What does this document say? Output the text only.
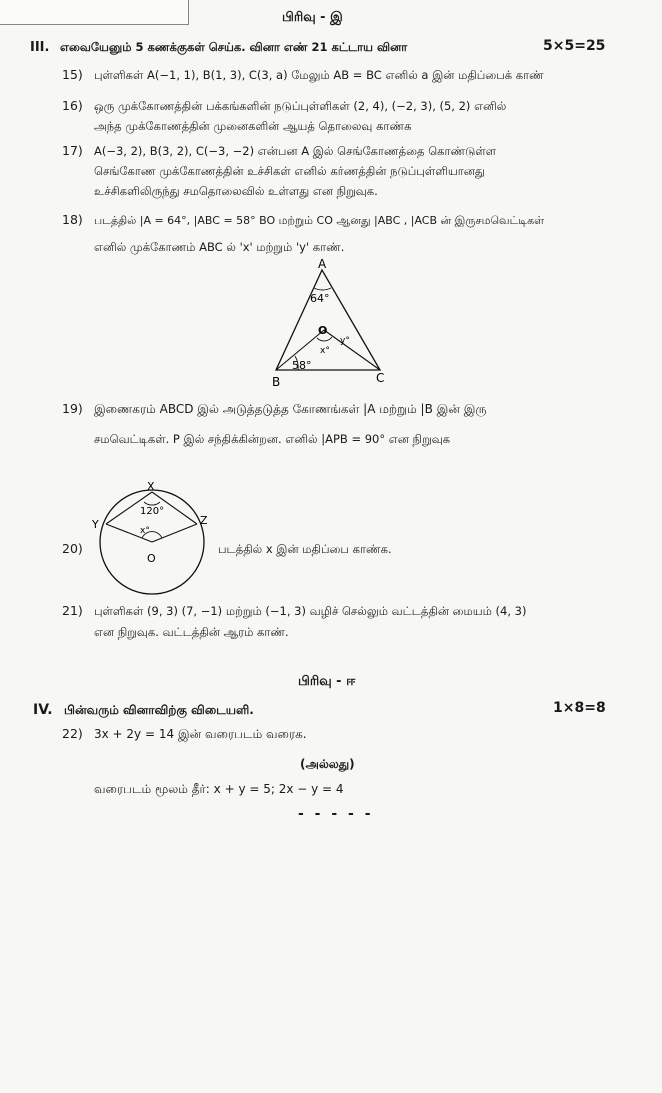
பிரிவு - இ
III. எவையேனும் 5 கணக்குகள் செய்க. வினா எண் 21 கட்டாய வினா	5×5=25
15) புள்ளிகள் A(−1, 1), B(1, 3), C(3, a) மேலும் AB = BC எனில் a இன் மதிப்பைக் காண்
16) ஒரு முக்கோணத்தின் பக்கங்களின் நடுப்புள்ளிகள் (2, 4), (−2, 3), (5, 2) எனில்
அந்த முக்கோணத்தின் முனைகளின் ஆயத் தொலைவு காண்க
17) A(−3, 2), B(3, 2), C(−3, −2) என்பன A இல் செங்கோணத்தை கொண்டுள்ள
செங்கோண முக்கோணத்தின் உச்சிகள் எனில் கர்ணத்தின் நடுப்புள்ளியானது
உச்சிகளிலிருந்து சமதொலைவில் உள்ளது என நிறுவுக.
18) படத்தில் |A = 64°, |ABC = 58° BO மற்றும் CO ஆனது |ABC , |ACB ன் இருசமவெட்டிகள்
எனில் முக்கோணம் ABC ல் 'x' மற்றும் 'y' காண்.
A
64°
O
x°
y°
58°
B	C
19) இணைகரம் ABCD இல் அடுத்தடுத்த கோணங்கள் |A மற்றும் |B இன் இரு
சமவெட்டிகள். P இல் சந்திக்கின்றன. எனில் |APB = 90° என நிறுவுக
X
Y	Z
120°
x°
O
20)	படத்தில் x இன் மதிப்பை காண்க.
21) புள்ளிகள் (9, 3) (7, −1) மற்றும் (−1, 3) வழிச் செல்லும் வட்டத்தின் மையம் (4, 3)
என நிறுவுக. வட்டத்தின் ஆரம் காண்.
பிரிவு - ஈ
IV. பின்வரும் வினாவிற்கு விடையளி.	1×8=8
22) 3x + 2y = 14 இன் வரைபடம் வரைக.
(அல்லது)
வரைபடம் மூலம் தீர்: x + y = 5; 2x − y = 4
- - - - -
